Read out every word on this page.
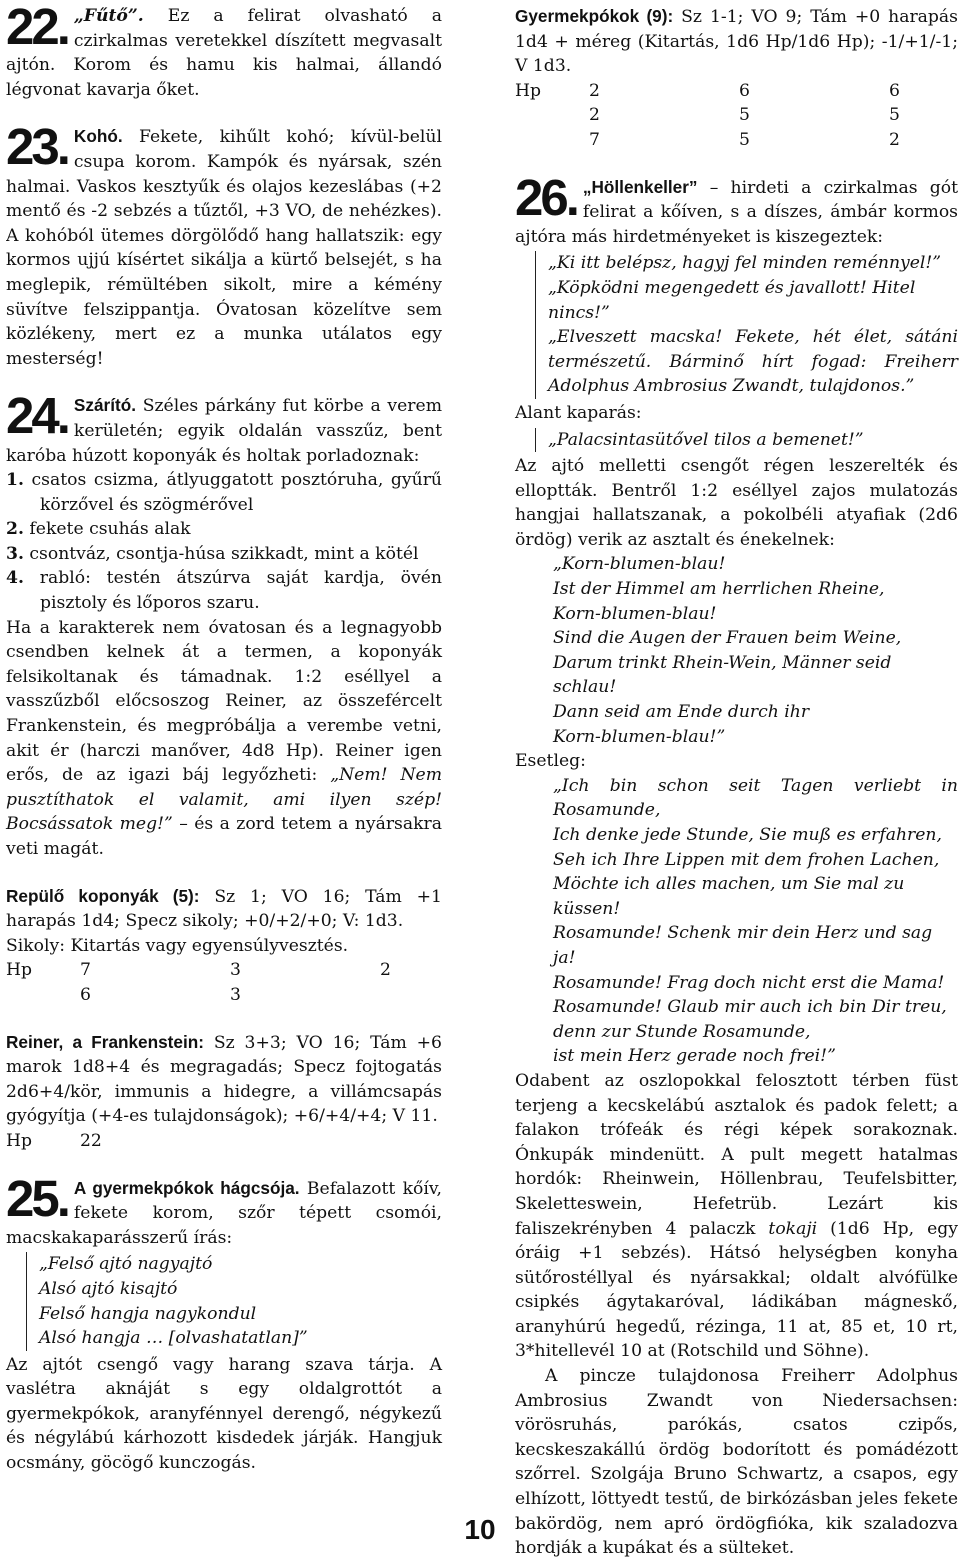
22. „Fűtő”. Ez a felirat olvasható a czirkalmas veretekkel díszített megvasalt ajtón. Korom és hamu kis halmai, állandó légvonat kavarja őket.

23. Kohó. Fekete, kihűlt kohó; kívül-belül csupa korom. Kampók és nyársak, szén halmai. Vaskos kesztyűk és olajos kezeslábas (+2 mentő és -2 sebzés a tűztől, +3 VO, de nehézkes). A kohóból ütemes dörgölődő hang hallatszik: egy kormos ujjú kísértet sikálja a kürtő belsejét, s ha meglepik, rémültében sikolt, mire a kémény süvítve felszippantja. Óvatosan közelítve sem közlékeny, mert ez a munka utálatos egy mesterség!

24. Szárító. Széles párkány fut körbe a verem kerületén; egyik oldalán vasszűz, bent karóba húzott koponyák és holtak porladoznak:

1. csatos csizma, átlyuggatott posztóruha, gyűrű körzővel és szögmérővel

2. fekete csuhás alak

3. csontváz, csontja-húsa szikkadt, mint a kötél

4. rabló: testén átszúrva saját kardja, övén pisztoly és lőporos szaru.

Ha a karakterek nem óvatosan és a legnagyobb csendben kelnek át a termen, a koponyák felsikoltanak és támadnak. 1:2 eséllyel a vasszűzből előcsoszog Reiner, az összefércelt Frankenstein, és megpróbálja a verembe vetni, akit ér (harczi manőver, 4d8 Hp). Reiner igen erős, de az igazi báj legyőzheti: „Nem! Nem pusztíthatok el valamit, ami ilyen szép! Bocsássatok meg!” – és a zord tetem a nyársakra veti magát.

Repülő koponyák (5): Sz 1; VO 16; Tám +1 harapás 1d4; Specz sikoly; +0/+2/+0; V: 1d3.

Sikoly: Kitartás vagy egyensúlyvesztés.

Hp	7	3	2
6	3

Reiner, a Frankenstein: Sz 3+3; VO 16; Tám +6 marok 1d8+4 és megragadás; Specz fojtogatás 2d6+4/kör, immunis a hidegre, a villámcsapás gyógyítja (+4-es tulajdonságok); +6/+4/+4; V 11.

Hp	22
25. A gyermekpókok hágcsója. Befalazott kőív, fekete korom, szőr tépett csomói, macskakaparásszerű írás:

„Felső ajtó nagyajtó
Alsó ajtó kisajtó
Felső hangja nagykondul
Alsó hangja … [olvashatatlan]”

Az ajtót csengő vagy harang szava tárja. A vaslétra aknáját s egy oldalgrottót a gyermekpókok, aranyfénnyel derengő, négykezű és négylábú kárhozott kisdedek járják. Hangjuk ocsmány, göcögő kunczogás.

Gyermekpókok (9): Sz 1-1; VO 9; Tám +0 harapás 1d4 + méreg (Kitartás, 1d6 Hp/1d6 Hp); -1/+1/-1; V 1d3.

Hp	2	6	6
2	5	5
7	5	2
26. „Höllenkeller” – hirdeti a czirkalmas gót felirat a kőíven, s a díszes, ámbár kormos ajtóra más hirdetményeket is kiszegeztek:

„Ki itt belépsz, hagyj fel minden reménnyel!”
„Köpködni megengedett és javallott! Hitel nincs!”
„Elveszett macska! Fekete, hét élet, sátáni természetű. Bárminő hírt fogad: Freiherr Adolphus Ambrosius Zwandt, tulajdonos.”

Alant kaparás:

„Palacsintasütővel tilos a bemenet!”

Az ajtó melletti csengőt régen leszerelték és elloptták. Bentről 1:2 eséllyel zajos mulatozás hangjai hallatszanak, a pokolbéli atyafiak (2d6 ördög) verik az asztalt és énekelnek:

„Korn-blumen-blau!
Ist der Himmel am herrlichen Rheine,
Korn-blumen-blau!
Sind die Augen der Frauen beim Weine,
Darum trinkt Rhein-Wein, Männer seid schlau!
Dann seid am Ende durch ihr
Korn-blumen-blau!”

Esetleg:

„Ich bin schon seit Tagen verliebt in Rosamunde,
Ich denke jede Stunde, Sie muß es erfahren,
Seh ich Ihre Lippen mit dem frohen Lachen,
Möchte ich alles machen, um Sie mal zu küssen!
Rosamunde! Schenk mir dein Herz und sag ja!
Rosamunde! Frag doch nicht erst die Mama!
Rosamunde! Glaub mir auch ich bin Dir treu,
denn zur Stunde Rosamunde,
ist mein Herz gerade noch frei!”

Odabent az oszlopokkal felosztott térben füst terjeng a kecskelábú asztalok és padok felett; a falakon trófeák és régi képek sorakoznak. Ónkupák mindenütt. A pult megett hatalmas hordók: Rheinwein, Höllenbrau, Teufelsbitter, Skeletteswein, Hefetrüb. Lezárt kis faliszekrényben 4 palaczk tokaji (1d6 Hp, egy óráig +1 sebzés). Hátsó helységben konyha sütőrostéllyal és nyársakkal; oldalt alvófülke csipkés ágytakaróval, ládikában mágneskő, aranyhúrú hegedű, rézinga, 11 at, 85 et, 10 rt, 3*hitellevél 10 at (Rotschild und Söhne).

A pincze tulajdonosa Freiherr Adolphus Ambrosius Zwandt von Niedersachsen: vörösruhás, parókás, csatos czipős, kecskeszakállú ördög bodorított és pomádézott szőrrel. Szolgája Bruno Schwartz, a csapos, egy elhízott, löttyedt testű, de birkózásban jeles fekete bakördög, nem apró ördögfióka, kik szaladozva hordják a kupákat és a sülteket.

10
